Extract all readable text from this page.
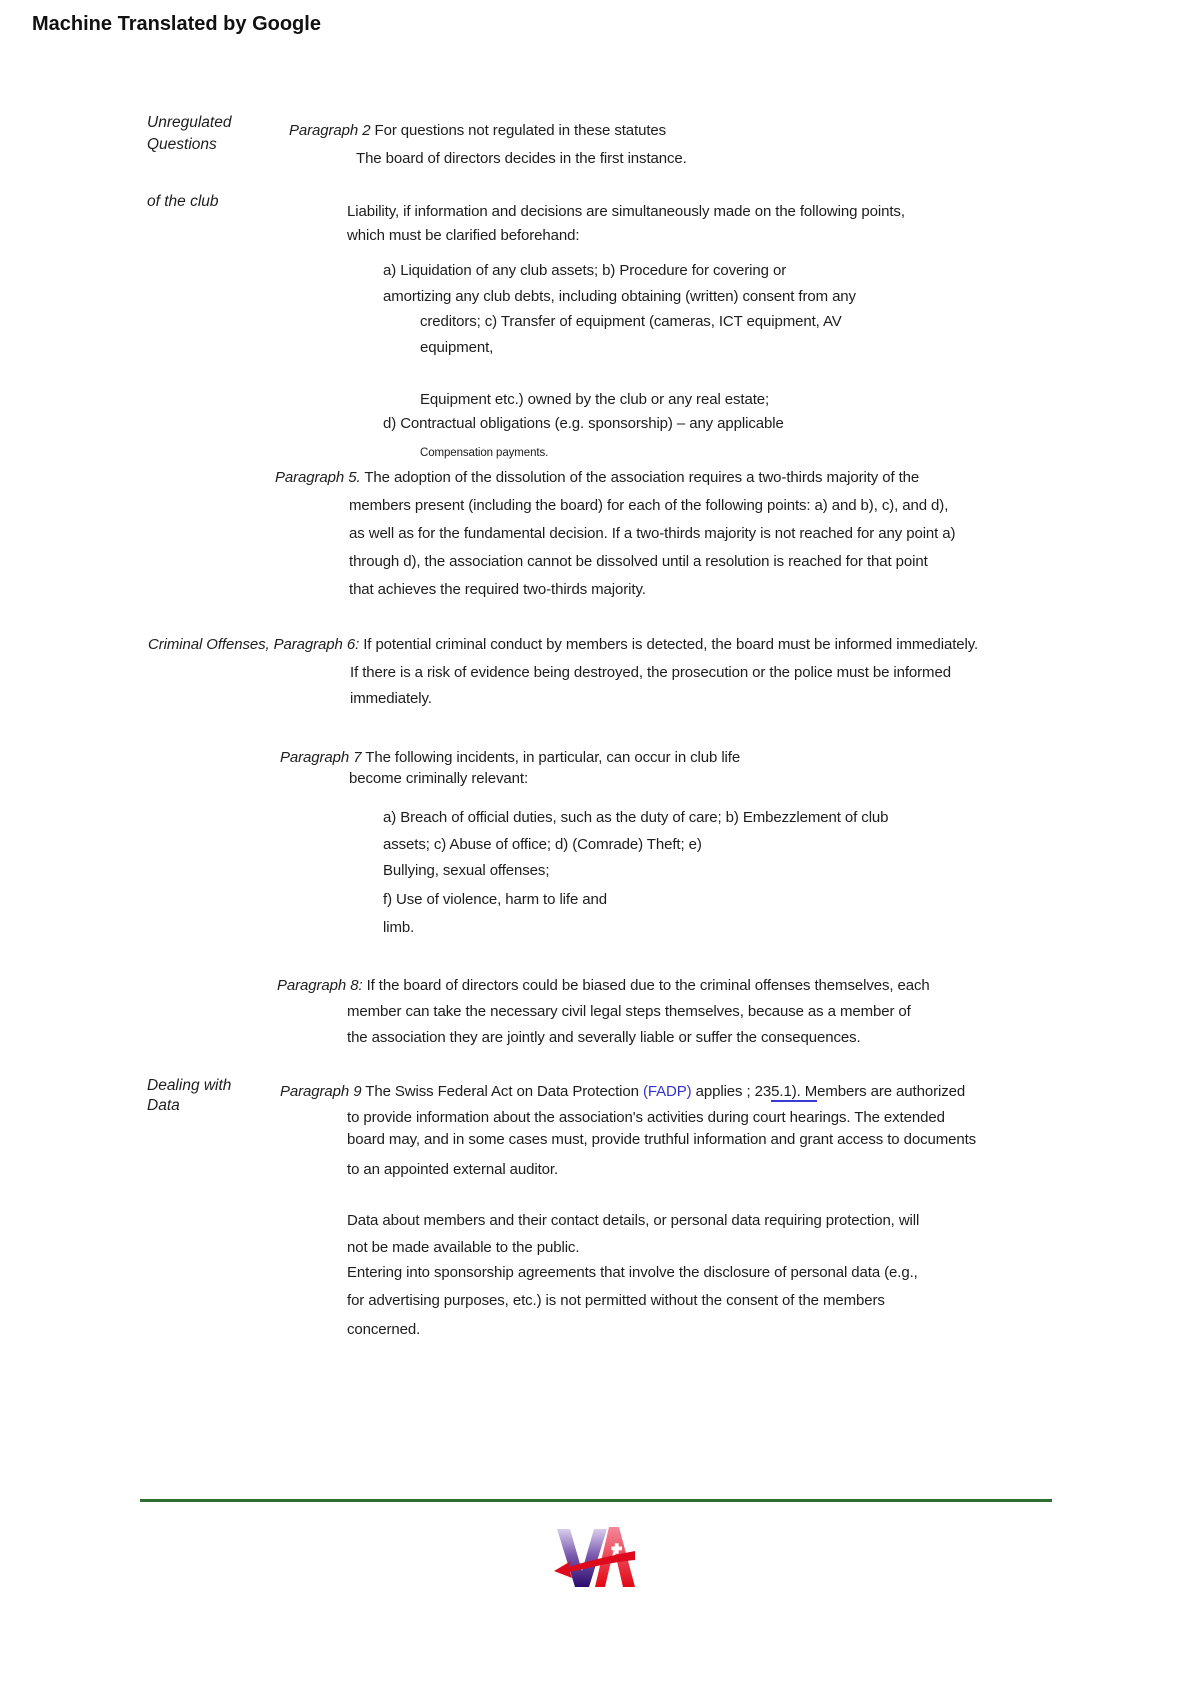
Machine Translated by Google
Unregulated
Questions
of the club
Dealing with
Data
Paragraph 2 For questions not regulated in these statutes
The board of directors decides in the first instance.
Liability, if information and decisions are simultaneously made on the following points,
which must be clarified beforehand:
a) Liquidation of any club assets; b) Procedure for covering or
amortizing any club debts, including obtaining (written) consent from any
creditors; c) Transfer of equipment (cameras, ICT equipment, AV
equipment,
Equipment etc.) owned by the club or any real estate;
d) Contractual obligations (e.g. sponsorship) – any applicable
Compensation payments.
Paragraph 5. The adoption of the dissolution of the association requires a two-thirds majority of the
members present (including the board) for each of the following points: a) and b), c), and d),
as well as for the fundamental decision. If a two-thirds majority is not reached for any point a)
through d), the association cannot be dissolved until a resolution is reached for that point
that achieves the required two-thirds majority.
Criminal Offenses, Paragraph 6: If potential criminal conduct by members is detected, the board must be informed immediately.
If there is a risk of evidence being destroyed, the prosecution or the police must be informed
immediately.
Paragraph 7 The following incidents, in particular, can occur in club life
become criminally relevant:
a) Breach of official duties, such as the duty of care; b) Embezzlement of club
assets; c) Abuse of office; d) (Comrade) Theft; e)
Bullying, sexual offenses;
f) Use of violence, harm to life and
limb.
Paragraph 8: If the board of directors could be biased due to the criminal offenses themselves, each
member can take the necessary civil legal steps themselves, because as a member of
the association they are jointly and severally liable or suffer the consequences.
Paragraph 9 The Swiss Federal Act on Data Protection (FADP) applies ; 235.1). Members are authorized
to provide information about the association's activities during court hearings. The extended
board may, and in some cases must, provide truthful information and grant access to documents
to an appointed external auditor.
Data about members and their contact details, or personal data requiring protection, will
not be made available to the public.
Entering into sponsorship agreements that involve the disclosure of personal data (e.g.,
for advertising purposes, etc.) is not permitted without the consent of the members
concerned.
